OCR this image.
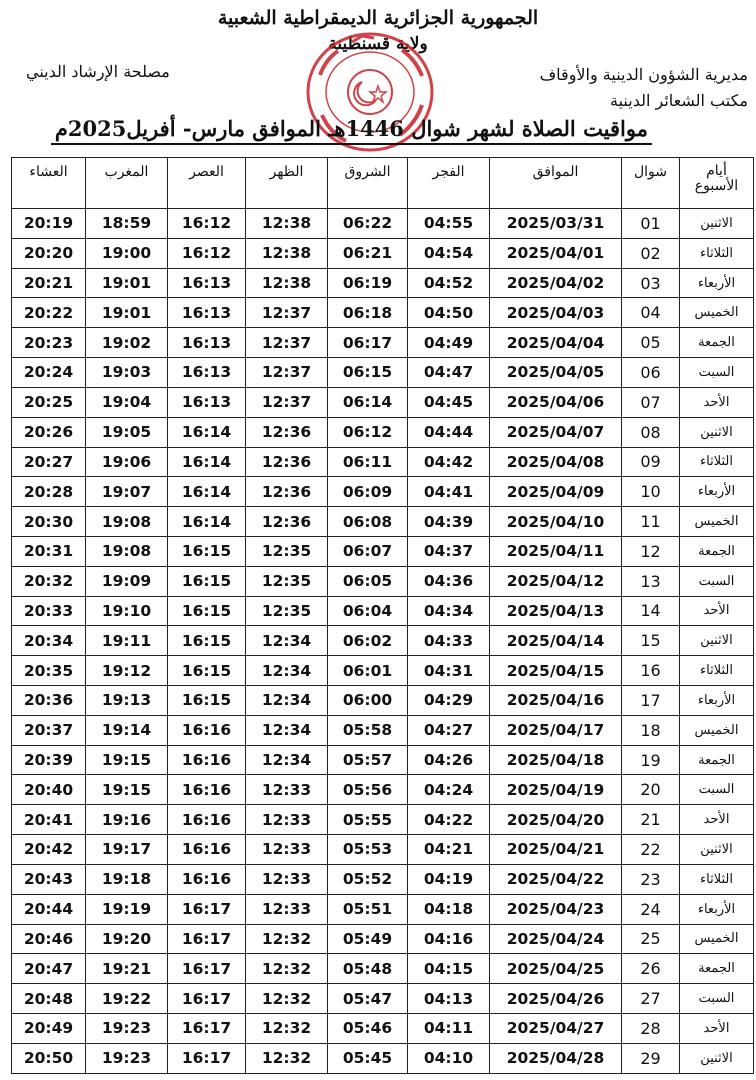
الجمهورية الجزائرية الديمقراطية الشعبية
ولاية قسنطينة
مديرية الشؤون الدينية والأوقاف
مكتب الشعائر الدينية
مصلحة الإرشاد الديني
مواقيت الصلاة لشهر شوال 1446هـ الموافق مارس- أفريل2025م
أيام
الأسبوع	شوال	الموافق	الفجر	الشروق	الظهر	العصر	المغرب	العشاء
الاثنين	01	2025/03/31	04:55	06:22	12:38	16:12	18:59	20:19
الثلاثاء	02	2025/04/01	04:54	06:21	12:38	16:12	19:00	20:20
الأربعاء	03	2025/04/02	04:52	06:19	12:38	16:13	19:01	20:21
الخميس	04	2025/04/03	04:50	06:18	12:37	16:13	19:01	20:22
الجمعة	05	2025/04/04	04:49	06:17	12:37	16:13	19:02	20:23
السبت	06	2025/04/05	04:47	06:15	12:37	16:13	19:03	20:24
الأحد	07	2025/04/06	04:45	06:14	12:37	16:13	19:04	20:25
الاثنين	08	2025/04/07	04:44	06:12	12:36	16:14	19:05	20:26
الثلاثاء	09	2025/04/08	04:42	06:11	12:36	16:14	19:06	20:27
الأربعاء	10	2025/04/09	04:41	06:09	12:36	16:14	19:07	20:28
الخميس	11	2025/04/10	04:39	06:08	12:36	16:14	19:08	20:30
الجمعة	12	2025/04/11	04:37	06:07	12:35	16:15	19:08	20:31
السبت	13	2025/04/12	04:36	06:05	12:35	16:15	19:09	20:32
الأحد	14	2025/04/13	04:34	06:04	12:35	16:15	19:10	20:33
الاثنين	15	2025/04/14	04:33	06:02	12:34	16:15	19:11	20:34
الثلاثاء	16	2025/04/15	04:31	06:01	12:34	16:15	19:12	20:35
الأربعاء	17	2025/04/16	04:29	06:00	12:34	16:15	19:13	20:36
الخميس	18	2025/04/17	04:27	05:58	12:34	16:16	19:14	20:37
الجمعة	19	2025/04/18	04:26	05:57	12:34	16:16	19:15	20:39
السبت	20	2025/04/19	04:24	05:56	12:33	16:16	19:15	20:40
الأحد	21	2025/04/20	04:22	05:55	12:33	16:16	19:16	20:41
الاثنين	22	2025/04/21	04:21	05:53	12:33	16:16	19:17	20:42
الثلاثاء	23	2025/04/22	04:19	05:52	12:33	16:16	19:18	20:43
الأربعاء	24	2025/04/23	04:18	05:51	12:33	16:17	19:19	20:44
الخميس	25	2025/04/24	04:16	05:49	12:32	16:17	19:20	20:46
الجمعة	26	2025/04/25	04:15	05:48	12:32	16:17	19:21	20:47
السبت	27	2025/04/26	04:13	05:47	12:32	16:17	19:22	20:48
الأحد	28	2025/04/27	04:11	05:46	12:32	16:17	19:23	20:49
الاثنين	29	2025/04/28	04:10	05:45	12:32	16:17	19:23	20:50
